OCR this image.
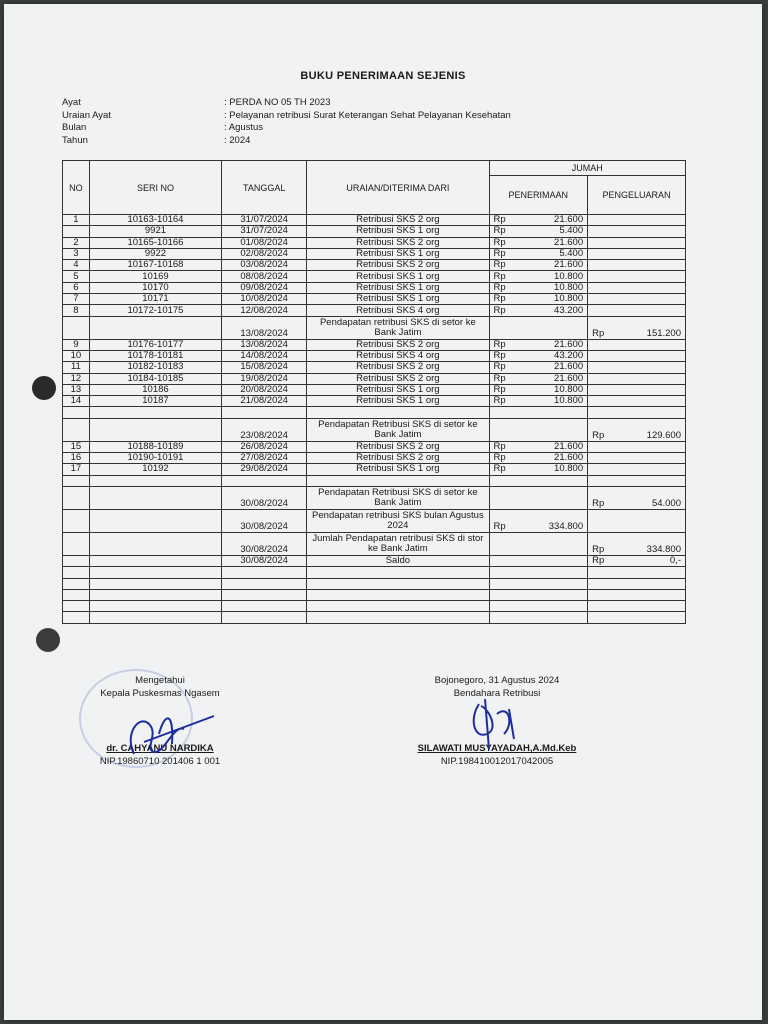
BUKU PENERIMAAN SEJENIS
Ayat	: PERDA NO 05 TH 2023
Uraian Ayat	: Pelayanan retribusi Surat Keterangan Sehat Pelayanan Kesehatan
Bulan	: Agustus
Tahun	: 2024
NO	SERI NO	TANGGAL	URAIAN/DITERIMA DARI	JUMAH			
				PENERIMAAN		PENGELUARAN	
1	10163-10164	31/07/2024	Retribusi SKS 2 org	Rp	21.600		
	9921	31/07/2024	Retribusi SKS 1 org	Rp	5.400		
2	10165-10166	01/08/2024	Retribusi SKS 2 org	Rp	21.600		
3	9922	02/08/2024	Retribusi SKS 1 org	Rp	5.400		
4	10167-10168	03/08/2024	Retribusi SKS 2 org	Rp	21.600		
5	10169	08/08/2024	Retribusi SKS 1 org	Rp	10.800		
6	10170	09/08/2024	Retribusi SKS 1 org	Rp	10.800		
7	10171	10/08/2024	Retribusi SKS 1 org	Rp	10.800		
8	10172-10175	12/08/2024	Retribusi SKS 4 org	Rp	43.200		
		13/08/2024	Pendapatan retribusi SKS di setor ke Bank Jatim			Rp	151.200
9	10176-10177	13/08/2024	Retribusi SKS 2 org	Rp	21.600		
10	10178-10181	14/08/2024	Retribusi SKS 4 org	Rp	43.200		
11	10182-10183	15/08/2024	Retribusi SKS 2 org	Rp	21.600		
12	10184-10185	19/08/2024	Retribusi SKS 2 org	Rp	21.600		
13	10186	20/08/2024	Retribusi SKS 1 org	Rp	10.800		
14	10187	21/08/2024	Retribusi SKS 1 org	Rp	10.800		

		23/08/2024	Pendapatan Retribusi SKS di setor ke Bank Jatim			Rp	129.600
15	10188-10189	26/08/2024	Retribusi SKS 2 org	Rp	21.600		
16	10190-10191	27/08/2024	Retribusi SKS 2 org	Rp	21.600		
17	10192	29/08/2024	Retribusi SKS 1 org	Rp	10.800		

		30/08/2024	Pendapatan Retribusi SKS di setor ke Bank Jatim			Rp	54.000
		30/08/2024	Pendapatan retribusi SKS bulan Agustus 2024	Rp	334.800		
		30/08/2024	Jumlah Pendapatan retribusi SKS di stor ke Bank Jatim			Rp	334.800
		30/08/2024	Saldo			Rp	0,-

Mengetahui
Kepala Puskesmas Ngasem
dr. CAHYANU NARDIKA
NIP.19860710 201406 1 001
Bojonegoro, 31 Agustus 2024
Bendahara Retribusi
SILAWATI MUSYAYADAH,A.Md.Keb
NIP.198410012017042005
